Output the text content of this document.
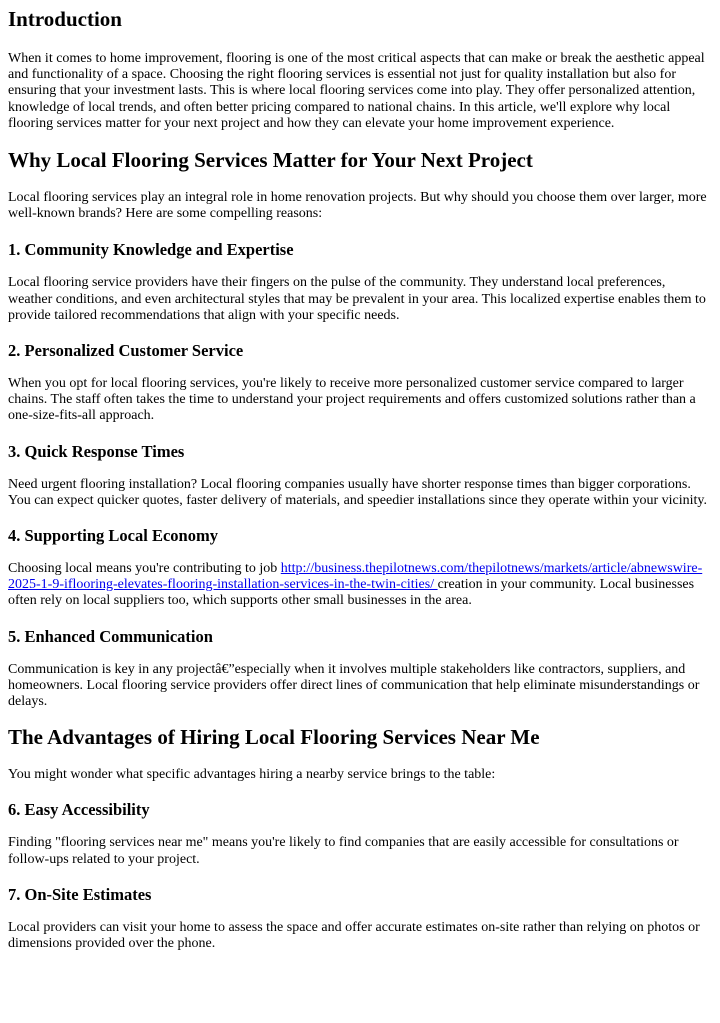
Introduction

When it comes to home improvement, flooring is one of the most critical aspects that can make or break the aesthetic appeal and functionality of a space. Choosing the right flooring services is essential not just for quality installation but also for ensuring that your investment lasts. This is where local flooring services come into play. They offer personalized attention, knowledge of local trends, and often better pricing compared to national chains. In this article, we'll explore why local flooring services matter for your next project and how they can elevate your home improvement experience.

Why Local Flooring Services Matter for Your Next Project

Local flooring services play an integral role in home renovation projects. But why should you choose them over larger, more well-known brands? Here are some compelling reasons:

1. Community Knowledge and Expertise

Local flooring service providers have their fingers on the pulse of the community. They understand local preferences, weather conditions, and even architectural styles that may be prevalent in your area. This localized expertise enables them to provide tailored recommendations that align with your specific needs.

2. Personalized Customer Service

When you opt for local flooring services, you're likely to receive more personalized customer service compared to larger chains. The staff often takes the time to understand your project requirements and offers customized solutions rather than a one-size-fits-all approach.

3. Quick Response Times

Need urgent flooring installation? Local flooring companies usually have shorter response times than bigger corporations. You can expect quicker quotes, faster delivery of materials, and speedier installations since they operate within your vicinity.

4. Supporting Local Economy

Choosing local means you're contributing to job http://business.thepilotnews.com/thepilotnews/markets/article/abnewswire-2025-1-9-iflooring-elevates-flooring-installation-services-in-the-twin-cities/ creation in your community. Local businesses often rely on local suppliers too, which supports other small businesses in the area.

5. Enhanced Communication

Communication is key in any projectâ€”especially when it involves multiple stakeholders like contractors, suppliers, and homeowners. Local flooring service providers offer direct lines of communication that help eliminate misunderstandings or delays.

The Advantages of Hiring Local Flooring Services Near Me

You might wonder what specific advantages hiring a nearby service brings to the table:

6. Easy Accessibility

Finding "flooring services near me" means you're likely to find companies that are easily accessible for consultations or follow-ups related to your project.

7. On-Site Estimates

Local providers can visit your home to assess the space and offer accurate estimates on-site rather than relying on photos or dimensions provided over the phone.
